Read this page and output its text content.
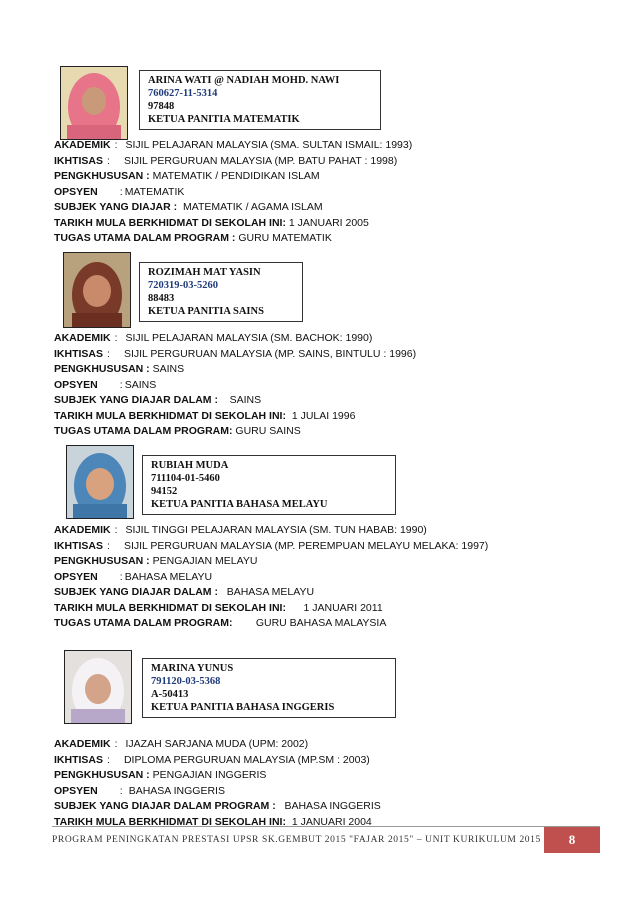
ARINA WATI @ NADIAH MOHD. NAWI
760627-11-5314
97848
KETUA PANITIA MATEMATIK
AKADEMIK : SIJIL PELAJARAN MALAYSIA (SMA. SULTAN ISMAIL: 1993)
IKHTISAS : SIJIL PERGURUAN MALAYSIA (MP. BATU PAHAT : 1998)
PENGKHUSUSAN : MATEMATIK / PENDIDIKAN ISLAM
OPSYEN : MATEMATIK
SUBJEK YANG DIAJAR : MATEMATIK / AGAMA ISLAM
TARIKH MULA BERKHIDMAT DI SEKOLAH INI: 1 JANUARI 2005
TUGAS UTAMA DALAM PROGRAM : GURU MATEMATIK
ROZIMAH MAT YASIN
720319-03-5260
88483
KETUA PANITIA SAINS
AKADEMIK : SIJIL PELAJARAN MALAYSIA (SM. BACHOK: 1990)
IKHTISAS : SIJIL PERGURUAN MALAYSIA (MP. SAINS, BINTULU : 1996)
PENGKHUSUSAN : SAINS
OPSYEN : SAINS
SUBJEK YANG DIAJAR DALAM : SAINS
TARIKH MULA BERKHIDMAT DI SEKOLAH INI: 1 JULAI 1996
TUGAS UTAMA DALAM PROGRAM: GURU SAINS
RUBIAH MUDA
711104-01-5460
94152
KETUA PANITIA BAHASA MELAYU
AKADEMIK : SIJIL TINGGI PELAJARAN MALAYSIA (SM. TUN HABAB: 1990)
IKHTISAS : SIJIL PERGURUAN MALAYSIA (MP. PEREMPUAN MELAYU MELAKA: 1997)
PENGKHUSUSAN : PENGAJIAN MELAYU
OPSYEN : BAHASA MELAYU
SUBJEK YANG DIAJAR DALAM : BAHASA MELAYU
TARIKH MULA BERKHIDMAT DI SEKOLAH INI: 1 JANUARI 2011
TUGAS UTAMA DALAM PROGRAM: GURU BAHASA MALAYSIA
MARINA YUNUS
791120-03-5368
A-50413
KETUA PANITIA BAHASA INGGERIS
AKADEMIK : IJAZAH SARJANA MUDA (UPM: 2002)
IKHTISAS : DIPLOMA PERGURUAN MALAYSIA (MP.SM : 2003)
PENGKHUSUSAN : PENGAJIAN INGGERIS
OPSYEN : BAHASA INGGERIS
SUBJEK YANG DIAJAR DALAM PROGRAM : BAHASA INGGERIS
TARIKH MULA BERKHIDMAT DI SEKOLAH INI: 1 JANUARI 2004
PROGRAM PENINGKATAN PRESTASI UPSR SK.GEMBUT 2015 "FAJAR 2015" – UNIT KURIKULUM 2015	8
